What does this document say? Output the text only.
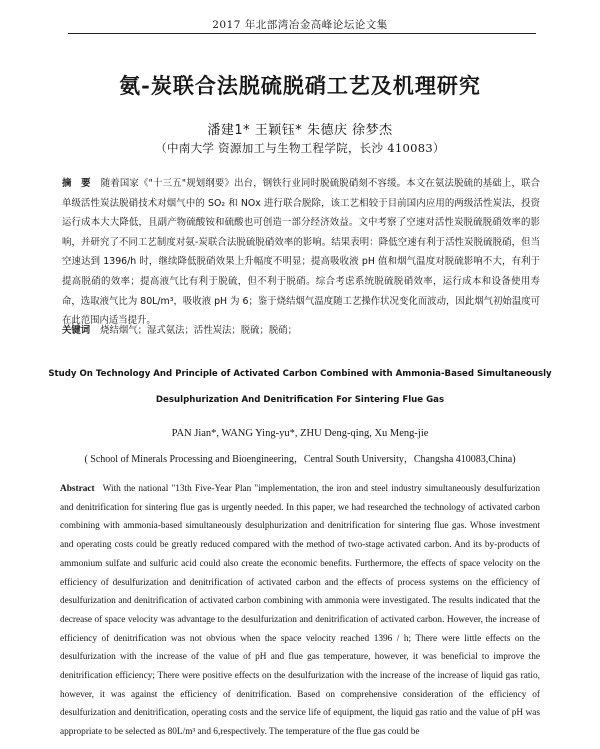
2017 年北部湾冶金高峰论坛论文集
氨-炭联合法脱硫脱硝工艺及机理研究
潘建1* 王颖钰* 朱德庆 徐梦杰
（中南大学 资源加工与生物工程学院，长沙 410083）

摘　要 随着国家《"十三五"规划纲要》出台，钢铁行业同时脱硫脱硝刻不容缓。本文在氨法脱硫的基础上，联合单级活性炭法脱硝技术对烟气中的 SO₂ 和 NOx 进行联合脱除，该工艺相较于目前国内应用的两级活性炭法，投资运行成本大大降低，且副产物硫酸铵和硫酸也可创造一部分经济效益。文中考察了空速对活性炭脱硫脱硝效率的影响，并研究了不同工艺制度对氨-炭联合法脱硫脱硝效率的影响。结果表明：降低空速有利于活性炭脱硫脱硝，但当空速达到 1396/h 时，继续降低脱硝效果上升幅度不明显；提高吸收液 pH 值和烟气温度对脱硫影响不大，有利于提高脱硝的效率；提高液气比有利于脱硫，但不利于脱硝。综合考虑系统脱硫脱硝效率，运行成本和设备使用寿命，选取液气比为 80L/m³，吸收液 pH 为 6；鉴于烧结烟气温度随工艺操作状况变化而波动，因此烟气初始温度可在此范围内适当提升。

关键词 烧结烟气；湿式氨法；活性炭法；脱硫；脱硝；

Study On Technology And Principle of Activated Carbon Combined with Ammonia-Based Simultaneously
Desulphurization And Denitrification For Sintering Flue Gas
PAN Jian*, WANG Ying-yu*, ZHU Deng-qing, Xu Meng-jie
( School of Minerals Processing and Bioengineering，Central South University，Changsha 410083,China)

Abstract With the national "13th Five-Year Plan "implementation, the iron and steel industry simultaneously desulfurization and denitrification for sintering flue gas is urgently needed. In this paper, we had researched the technology of activated carbon combining with ammonia-based simultaneously desulphurization and denitrification for sintering flue gas. Whose investment and operating costs could be greatly reduced compared with the method of two-stage activated carbon. And its by-products of ammonium sulfate and sulfuric acid could also create the economic benefits. Furthermore, the effects of space velocity on the efficiency of desulfurization and denitrification of activated carbon and the effects of process systems on the efficiency of desulfurization and denitrification of activated carbon combining with ammonia were investigated. The results indicated that the decrease of space velocity was advantage to the desulfurization and denitrification of activated carbon. However, the increase of efficiency of denitrification was not obvious when the space velocity reached 1396 / h; There were little effects on the desulfurization with the increase of the value of pH and flue gas temperature, however, it was beneficial to improve the denitrification efficiency; There were positive effects on the desulfurization with the increase of the increase of liquid gas ratio, however, it was against the efficiency of denitrification. Based on comprehensive consideration of the efficiency of desulfurization and denitrification, operating costs and the service life of equipment, the liquid gas ratio and the value of pH was appropriate to be selected as 80L/m³ and 6,respectively. The temperature of the flue gas could be
